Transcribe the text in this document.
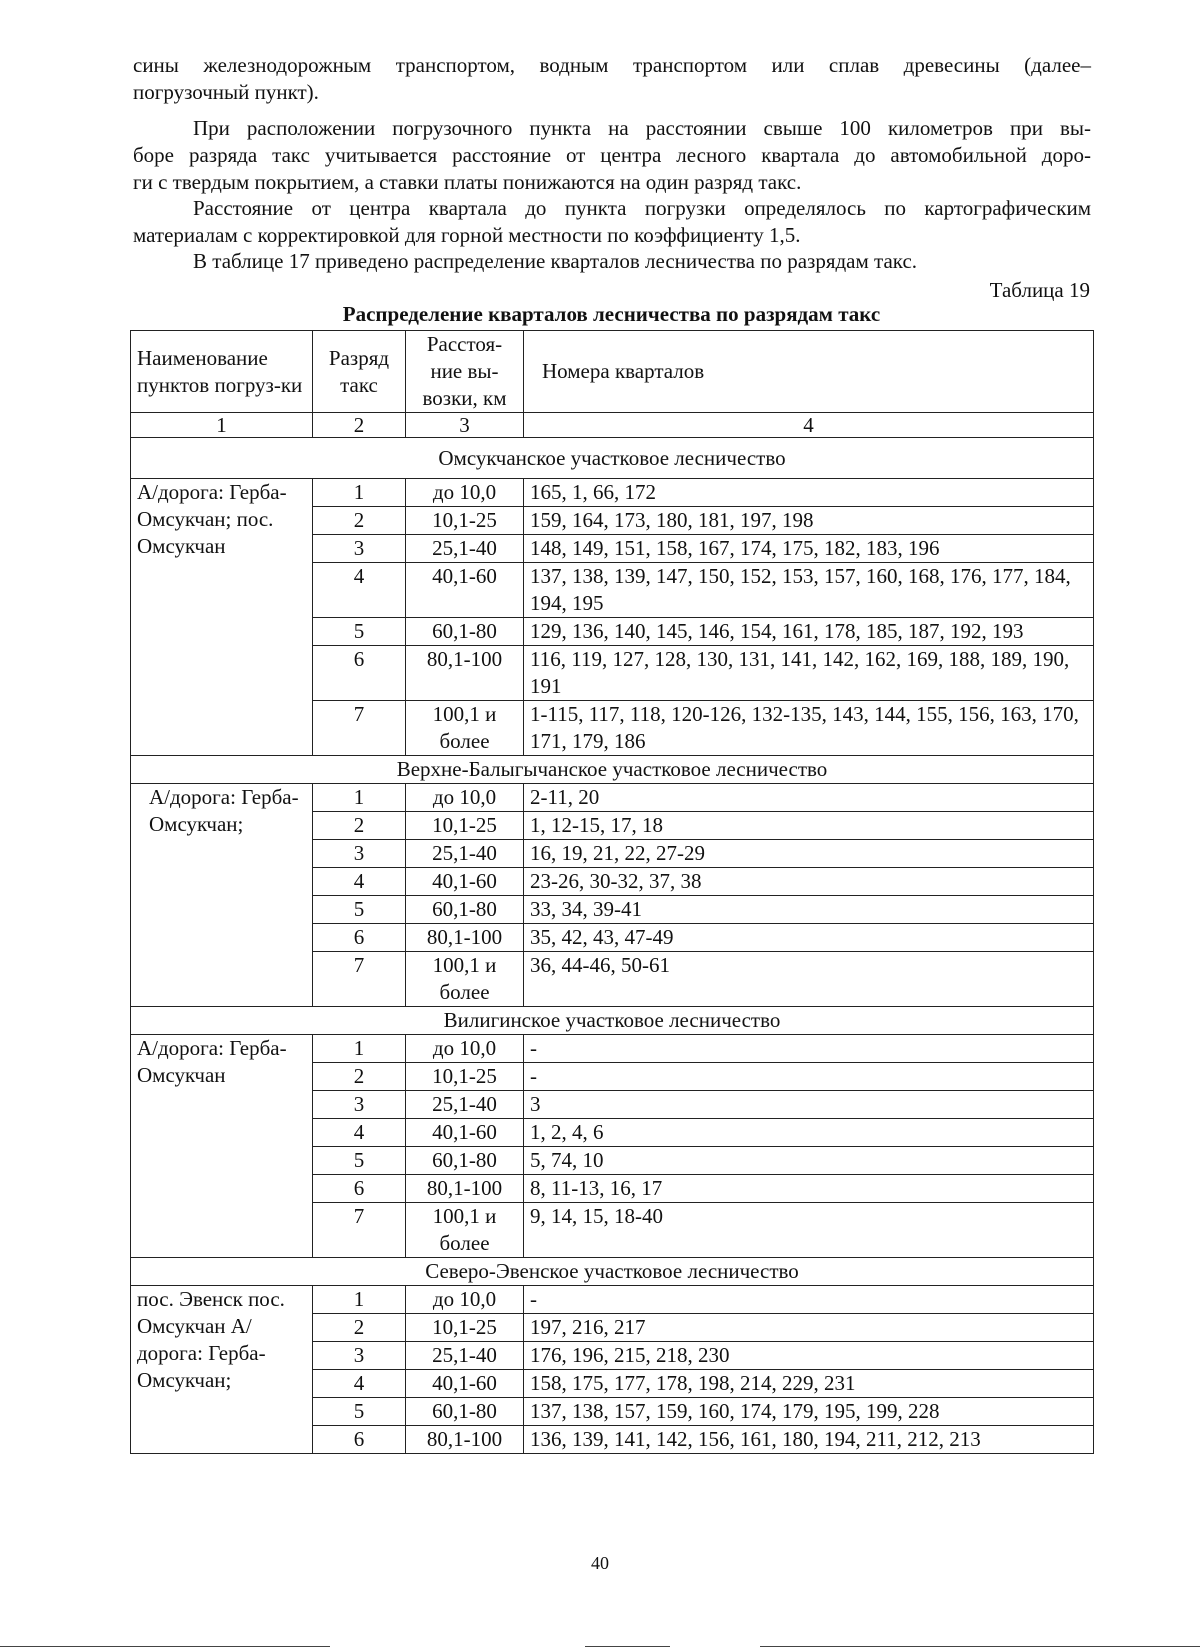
сины железнодорожным транспортом, водным транспортом или сплав древесины (далее–
погрузочный пункт).

При расположении погрузочного пункта на расстоянии свыше 100 километров при вы-
боре разряда такс учитывается расстояние от центра лесного квартала до автомобильной доро-
ги с твердым покрытием, а ставки платы понижаются на один разряд такс.

Расстояние от центра квартала до пункта погрузки определялось по картографическим
материалам с корректировкой для горной местности по коэффициенту 1,5.

В таблице 17 приведено распределение кварталов лесничества по разрядам такс.

Таблица 19

Распределение кварталов лесничества по разрядам такс

Наименование пунктов погруз-ки	Разряд такс	Расстоя-ние вы-возки, км	Номера кварталов
1	2	3	4
Омсукчанское участковое лесничество			
А/дорога: Герба-Омсукчан; пос. Омсукчан	1	до 10,0	165, 1, 66, 172
	2	10,1-25	159, 164, 173, 180, 181, 197, 198
	3	25,1-40	148, 149, 151, 158, 167, 174, 175, 182, 183, 196
	4	40,1-60	137, 138, 139, 147, 150, 152, 153, 157, 160, 168, 176, 177, 184, 194, 195
	5	60,1-80	129, 136, 140, 145, 146, 154, 161, 178, 185, 187, 192, 193
	6	80,1-100	116, 119, 127, 128, 130, 131, 141, 142, 162, 169, 188, 189, 190, 191
	7	100,1 и более	1-115, 117, 118, 120-126, 132-135, 143, 144, 155, 156, 163, 170, 171, 179, 186
Верхне-Балыгычанское участковое лесничество			
А/дорога: Герба-Омсукчан;	1	до 10,0	2-11, 20
	2	10,1-25	1, 12-15, 17, 18
	3	25,1-40	16, 19, 21, 22, 27-29
	4	40,1-60	23-26, 30-32, 37, 38
	5	60,1-80	33, 34, 39-41
	6	80,1-100	35, 42, 43, 47-49
	7	100,1 и более	36, 44-46, 50-61
Вилигинское участковое лесничество			
А/дорога: Герба-Омсукчан	1	до 10,0	-
	2	10,1-25	-
	3	25,1-40	3
	4	40,1-60	1, 2, 4, 6
	5	60,1-80	5, 74, 10
	6	80,1-100	8, 11-13, 16, 17
	7	100,1 и более	9, 14, 15, 18-40
Северо-Эвенское участковое лесничество			
пос. Эвенск пос. Омсукчан А/дорога: Герба-Омсукчан;	1	до 10,0	-
	2	10,1-25	197, 216, 217
	3	25,1-40	176, 196, 215, 218, 230
	4	40,1-60	158, 175, 177, 178, 198, 214, 229, 231
	5	60,1-80	137, 138, 157, 159, 160, 174, 179, 195, 199, 228
	6	80,1-100	136, 139, 141, 142, 156, 161, 180, 194, 211, 212, 213

40
